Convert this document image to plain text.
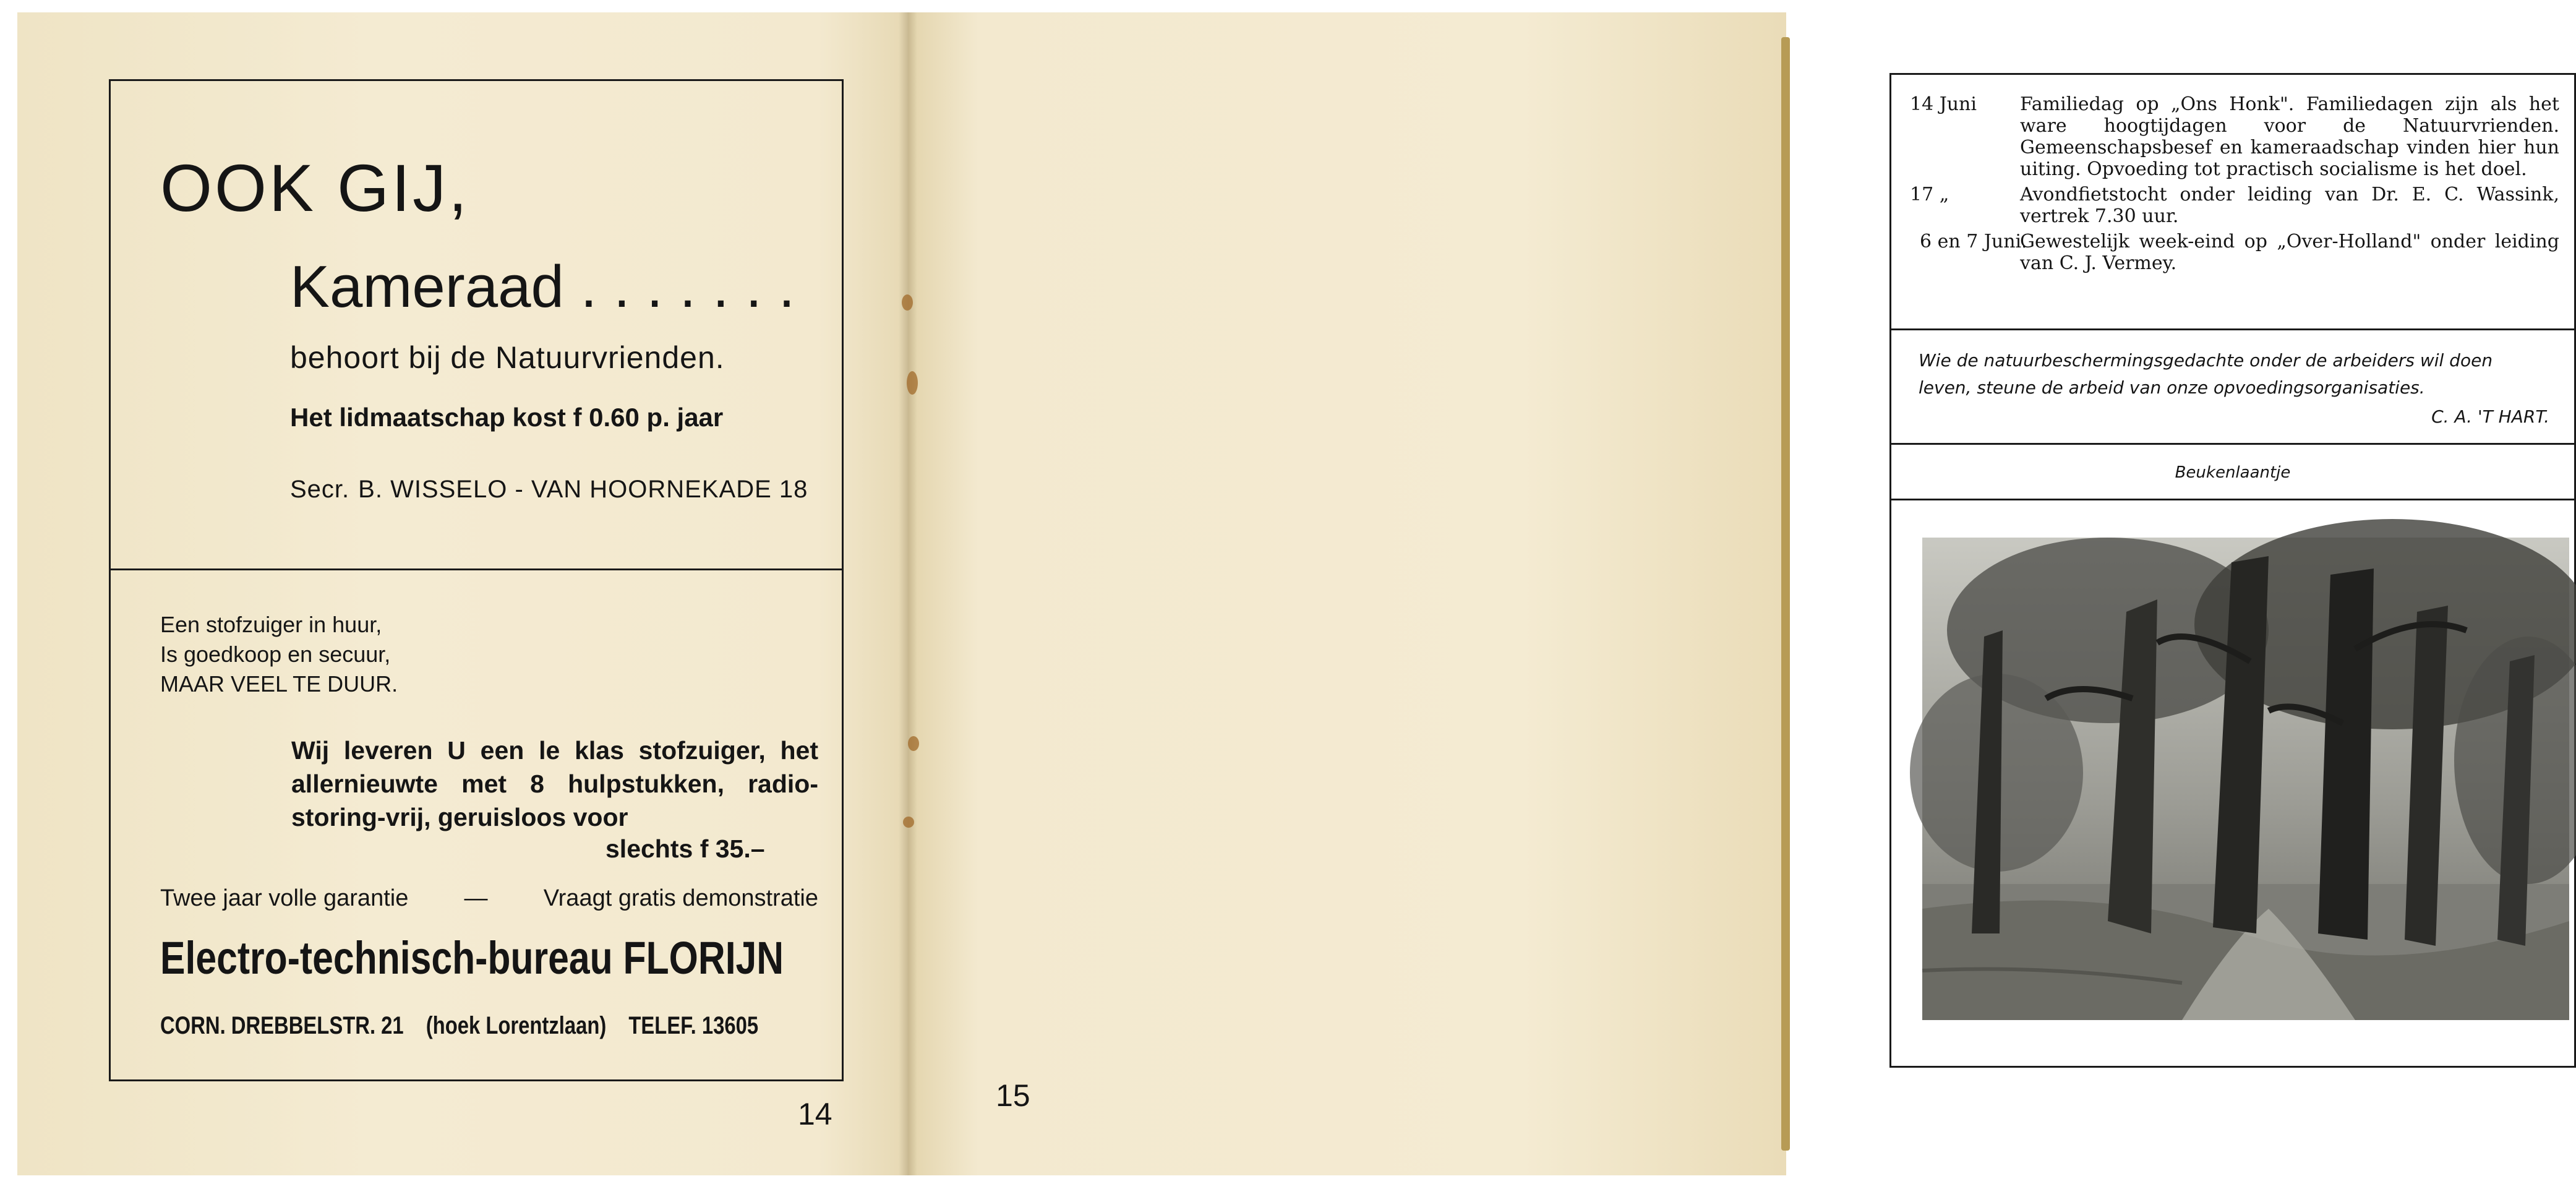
OOK GIJ,
Kameraad . . . . . . .
behoort bij de Natuurvrienden.
Het lidmaatschap kost f 0.60 p. jaar
Secr. B. WISSELO - VAN HOORNEKADE 18
Een stofzuiger in huur,
Is goedkoop en secuur,
MAAR VEEL TE DUUR.
Wij leveren U een le klas stofzuiger, het allernieuwte met 8 hulpstukken, radio-storing-vrij, geruisloos voor
slechts f 35.–
Twee jaar volle garantie — Vraagt gratis demonstratie
Electro-technisch-bureau FLORIJN
CORN. DREBBELSTR. 21 (hoek Lorentzlaan) TELEF. 13605
14
14 Juni Familiedag op „Ons Honk". Familiedagen zijn als het ware hoogtijdagen voor de Natuurvrienden. Gemeenschapsbesef en kameraadschap vinden hier hun uiting. Opvoeding tot practisch socialisme is het doel.
17 „	Avondfietstocht onder leiding van Dr. E. C. Wassink, vertrek 7.30 uur.
6 en 7 Juni.
Gewestelijk week-eind op „Over-Holland" onder leiding van C. J. Vermey.
Wie de natuurbeschermingsgedachte onder de arbeiders wil doen leven, steune de arbeid van onze opvoedingsorganisaties.
C. A. 'T HART.
Beukenlaantje
15
